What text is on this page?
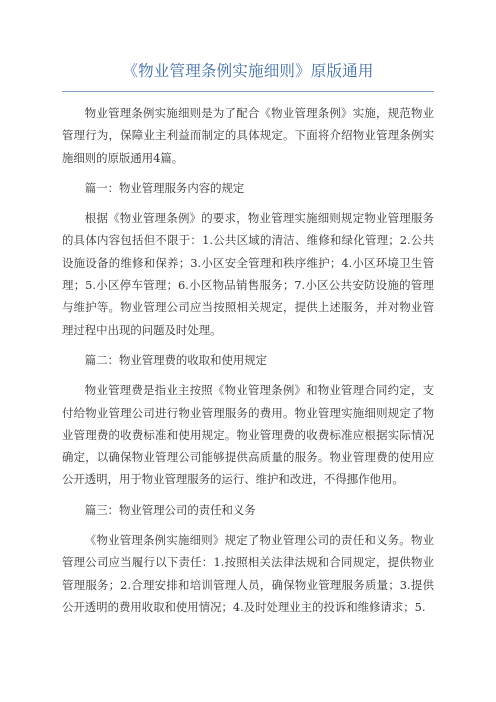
《物业管理条例实施细则》原版通用

物业管理条例实施细则是为了配合《物业管理条例》实施，规范物业管理行为，保障业主利益而制定的具体规定。下面将介绍物业管理条例实施细则的原版通用4篇。

篇一：物业管理服务内容的规定

根据《物业管理条例》的要求，物业管理实施细则规定物业管理服务的具体内容包括但不限于：1.公共区域的清洁、维修和绿化管理；2.公共设施设备的维修和保养；3.小区安全管理和秩序维护；4.小区环境卫生管理；5.小区停车管理；6.小区物品销售服务；7.小区公共安防设施的管理与维护等。物业管理公司应当按照相关规定，提供上述服务，并对物业管理过程中出现的问题及时处理。

篇二：物业管理费的收取和使用规定

物业管理费是指业主按照《物业管理条例》和物业管理合同约定，支付给物业管理公司进行物业管理服务的费用。物业管理实施细则规定了物业管理费的收费标准和使用规定。物业管理费的收费标准应根据实际情况确定，以确保物业管理公司能够提供高质量的服务。物业管理费的使用应公开透明，用于物业管理服务的运行、维护和改进，不得挪作他用。

篇三：物业管理公司的责任和义务

《物业管理条例实施细则》规定了物业管理公司的责任和义务。物业管理公司应当履行以下责任：1.按照相关法律法规和合同规定，提供物业管理服务；2.合理安排和培训管理人员，确保物业管理服务质量；3.提供公开透明的费用收取和使用情况；4.及时处理业主的投诉和维修请求；5.
